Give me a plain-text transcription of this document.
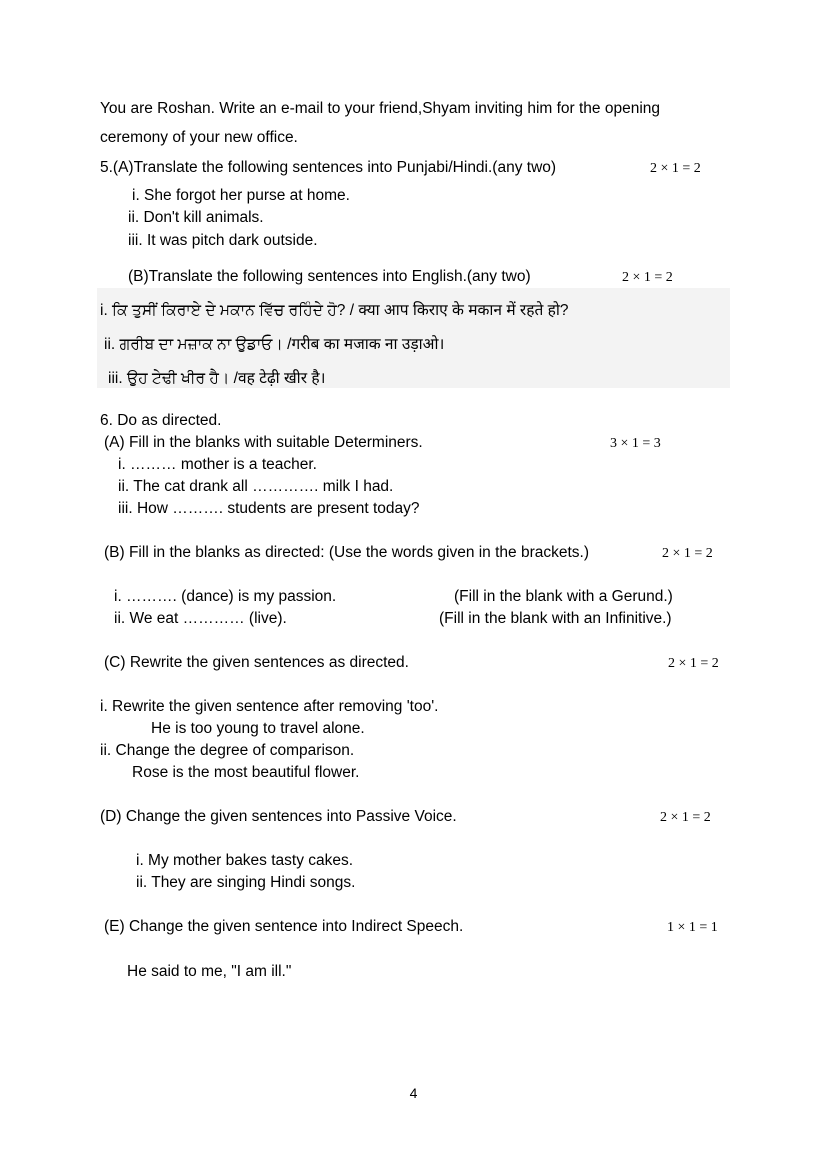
You are Roshan. Write an e-mail to your friend,Shyam inviting him for the opening
ceremony of your new office.
5.(A)Translate the following sentences into Punjabi/Hindi.(any two)	2 × 1 = 2
i. She forgot her purse at home.
ii. Don't kill animals.
iii. It was pitch dark outside.
(B)Translate the following sentences into English.(any two)	2 × 1 = 2
i. ਕਿ ਤੁਸੀਂ ਕਿਰਾਏ ਦੇ ਮਕਾਨ ਵਿੱਚ ਰਹਿੰਦੇ ਹੋ? / क्या आप किराए के मकान में रहते हो?
ii. ਗਰੀਬ ਦਾ ਮਜ਼ਾਕ ਨਾ ਉਡਾਓ। /गरीब का मजाक ना उड़ाओ।
iii. ਉਹ ਟੇਢੀ ਖੀਰ ਹੈ। /वह टेढ़ी खीर है।
6. Do as directed.
(A) Fill in the blanks with suitable Determiners.	3 × 1 = 3
i. ……… mother is a teacher.
ii. The cat drank all …………. milk I had.
iii. How ………. students are present today?
(B) Fill in the blanks as directed: (Use the words given in the brackets.)	2 × 1 = 2
i. ………. (dance) is my passion.	(Fill in the blank with a Gerund.)
ii. We eat ………… (live).	(Fill in the blank with an Infinitive.)
(C) Rewrite the given sentences as directed.	2 × 1 = 2
i. Rewrite the given sentence after removing 'too'.
He is too young to travel alone.
ii. Change the degree of comparison.
Rose is the most beautiful flower.
(D) Change the given sentences into Passive Voice.	2 × 1 = 2
i. My mother bakes tasty cakes.
ii. They are singing Hindi songs.
(E) Change the given sentence into Indirect Speech.	1 × 1 = 1
He said to me, "I am ill."
4
